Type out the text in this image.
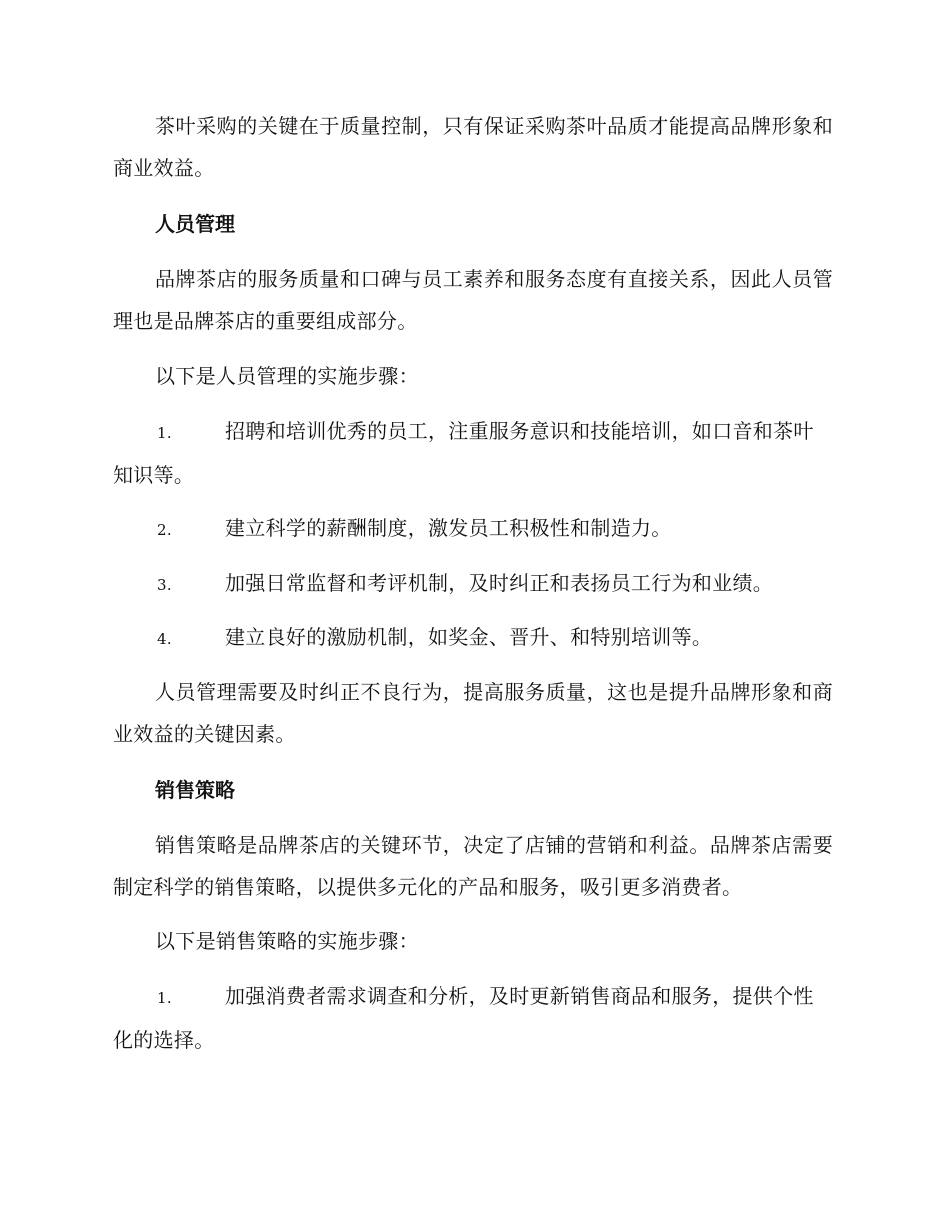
茶叶采购的关键在于质量控制，只有保证采购茶叶品质才能提高品牌形象和商业效益。

人员管理

品牌茶店的服务质量和口碑与员工素养和服务态度有直接关系，因此人员管理也是品牌茶店的重要组成部分。

以下是人员管理的实施步骤：

1.	招聘和培训优秀的员工，注重服务意识和技能培训，如口音和茶叶知识等。

2.	建立科学的薪酬制度，激发员工积极性和制造力。

3.	加强日常监督和考评机制，及时纠正和表扬员工行为和业绩。

4.	建立良好的激励机制，如奖金、晋升、和特别培训等。

人员管理需要及时纠正不良行为，提高服务质量，这也是提升品牌形象和商业效益的关键因素。

销售策略

销售策略是品牌茶店的关键环节，决定了店铺的营销和利益。品牌茶店需要制定科学的销售策略，以提供多元化的产品和服务，吸引更多消费者。

以下是销售策略的实施步骤：

1.	加强消费者需求调查和分析，及时更新销售商品和服务，提供个性化的选择。
